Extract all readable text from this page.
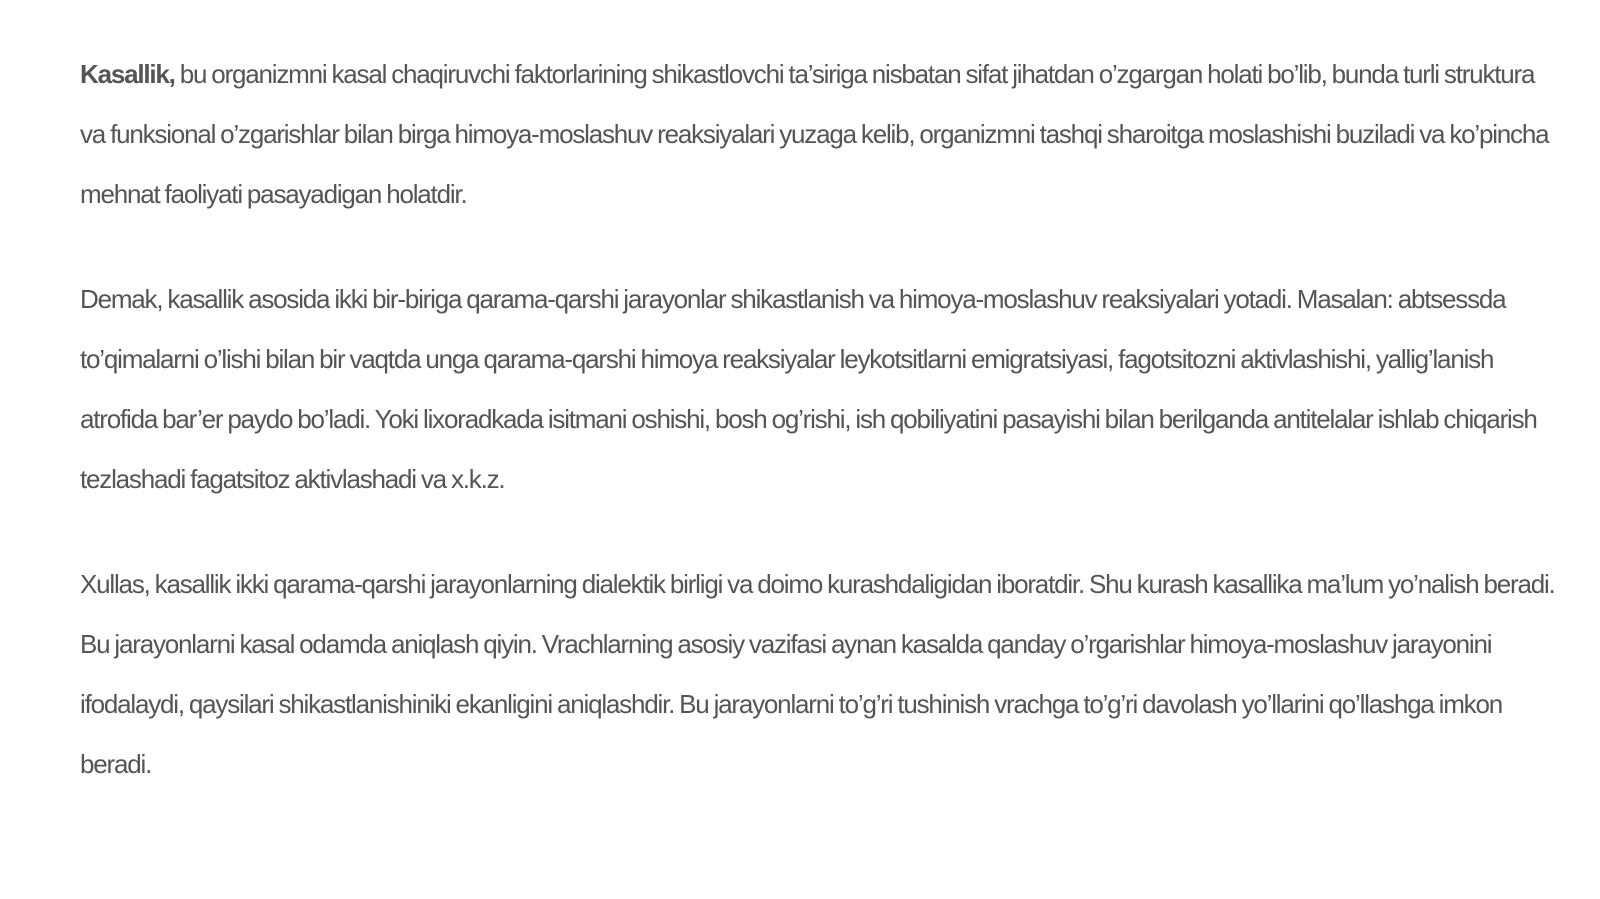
Kasallik, bu organizmni kasal chaqiruvchi faktorlarining shikastlovchi ta’siriga nisbatan sifat jihatdan o’zgargan holati bo’lib, bunda turli struktura va funksional o’zgarishlar bilan birga himoya-moslashuv reaksiyalari yuzaga kelib, organizmni tashqi sharoitga moslashishi buziladi va ko’pincha mehnat faoliyati pasayadigan holatdir.

Demak, kasallik asosida ikki bir-biriga qarama-qarshi jarayonlar shikastlanish va himoya-moslashuv reaksiyalari yotadi. Masalan: abtsessda to’qimalarni o’lishi bilan bir vaqtda unga qarama-qarshi himoya reaksiyalar leykotsitlarni emigratsiyasi, fagotsitozni aktivlashishi, yallig’lanish atrofida bar’er paydo bo’ladi. Yoki lixoradkada isitmani oshishi, bosh og’rishi, ish qobiliyatini pasayishi bilan berilganda antitelalar ishlab chiqarish tezlashadi fagatsitoz aktivlashadi va x.k.z.

Xullas, kasallik ikki qarama-qarshi jarayonlarning dialektik birligi va doimo kurashdaligidan iboratdir. Shu kurash kasallika ma’lum yo’nalish beradi. Bu jarayonlarni kasal odamda aniqlash qiyin. Vrachlarning asosiy vazifasi aynan kasalda qanday o’rgarishlar himoya-moslashuv jarayonini ifodalaydi, qaysilari shikastlanishiniki ekanligini aniqlashdir. Bu jarayonlarni to’g’ri tushinish vrachga to’g’ri davolash yo’llarini qo’llashga imkon beradi.
